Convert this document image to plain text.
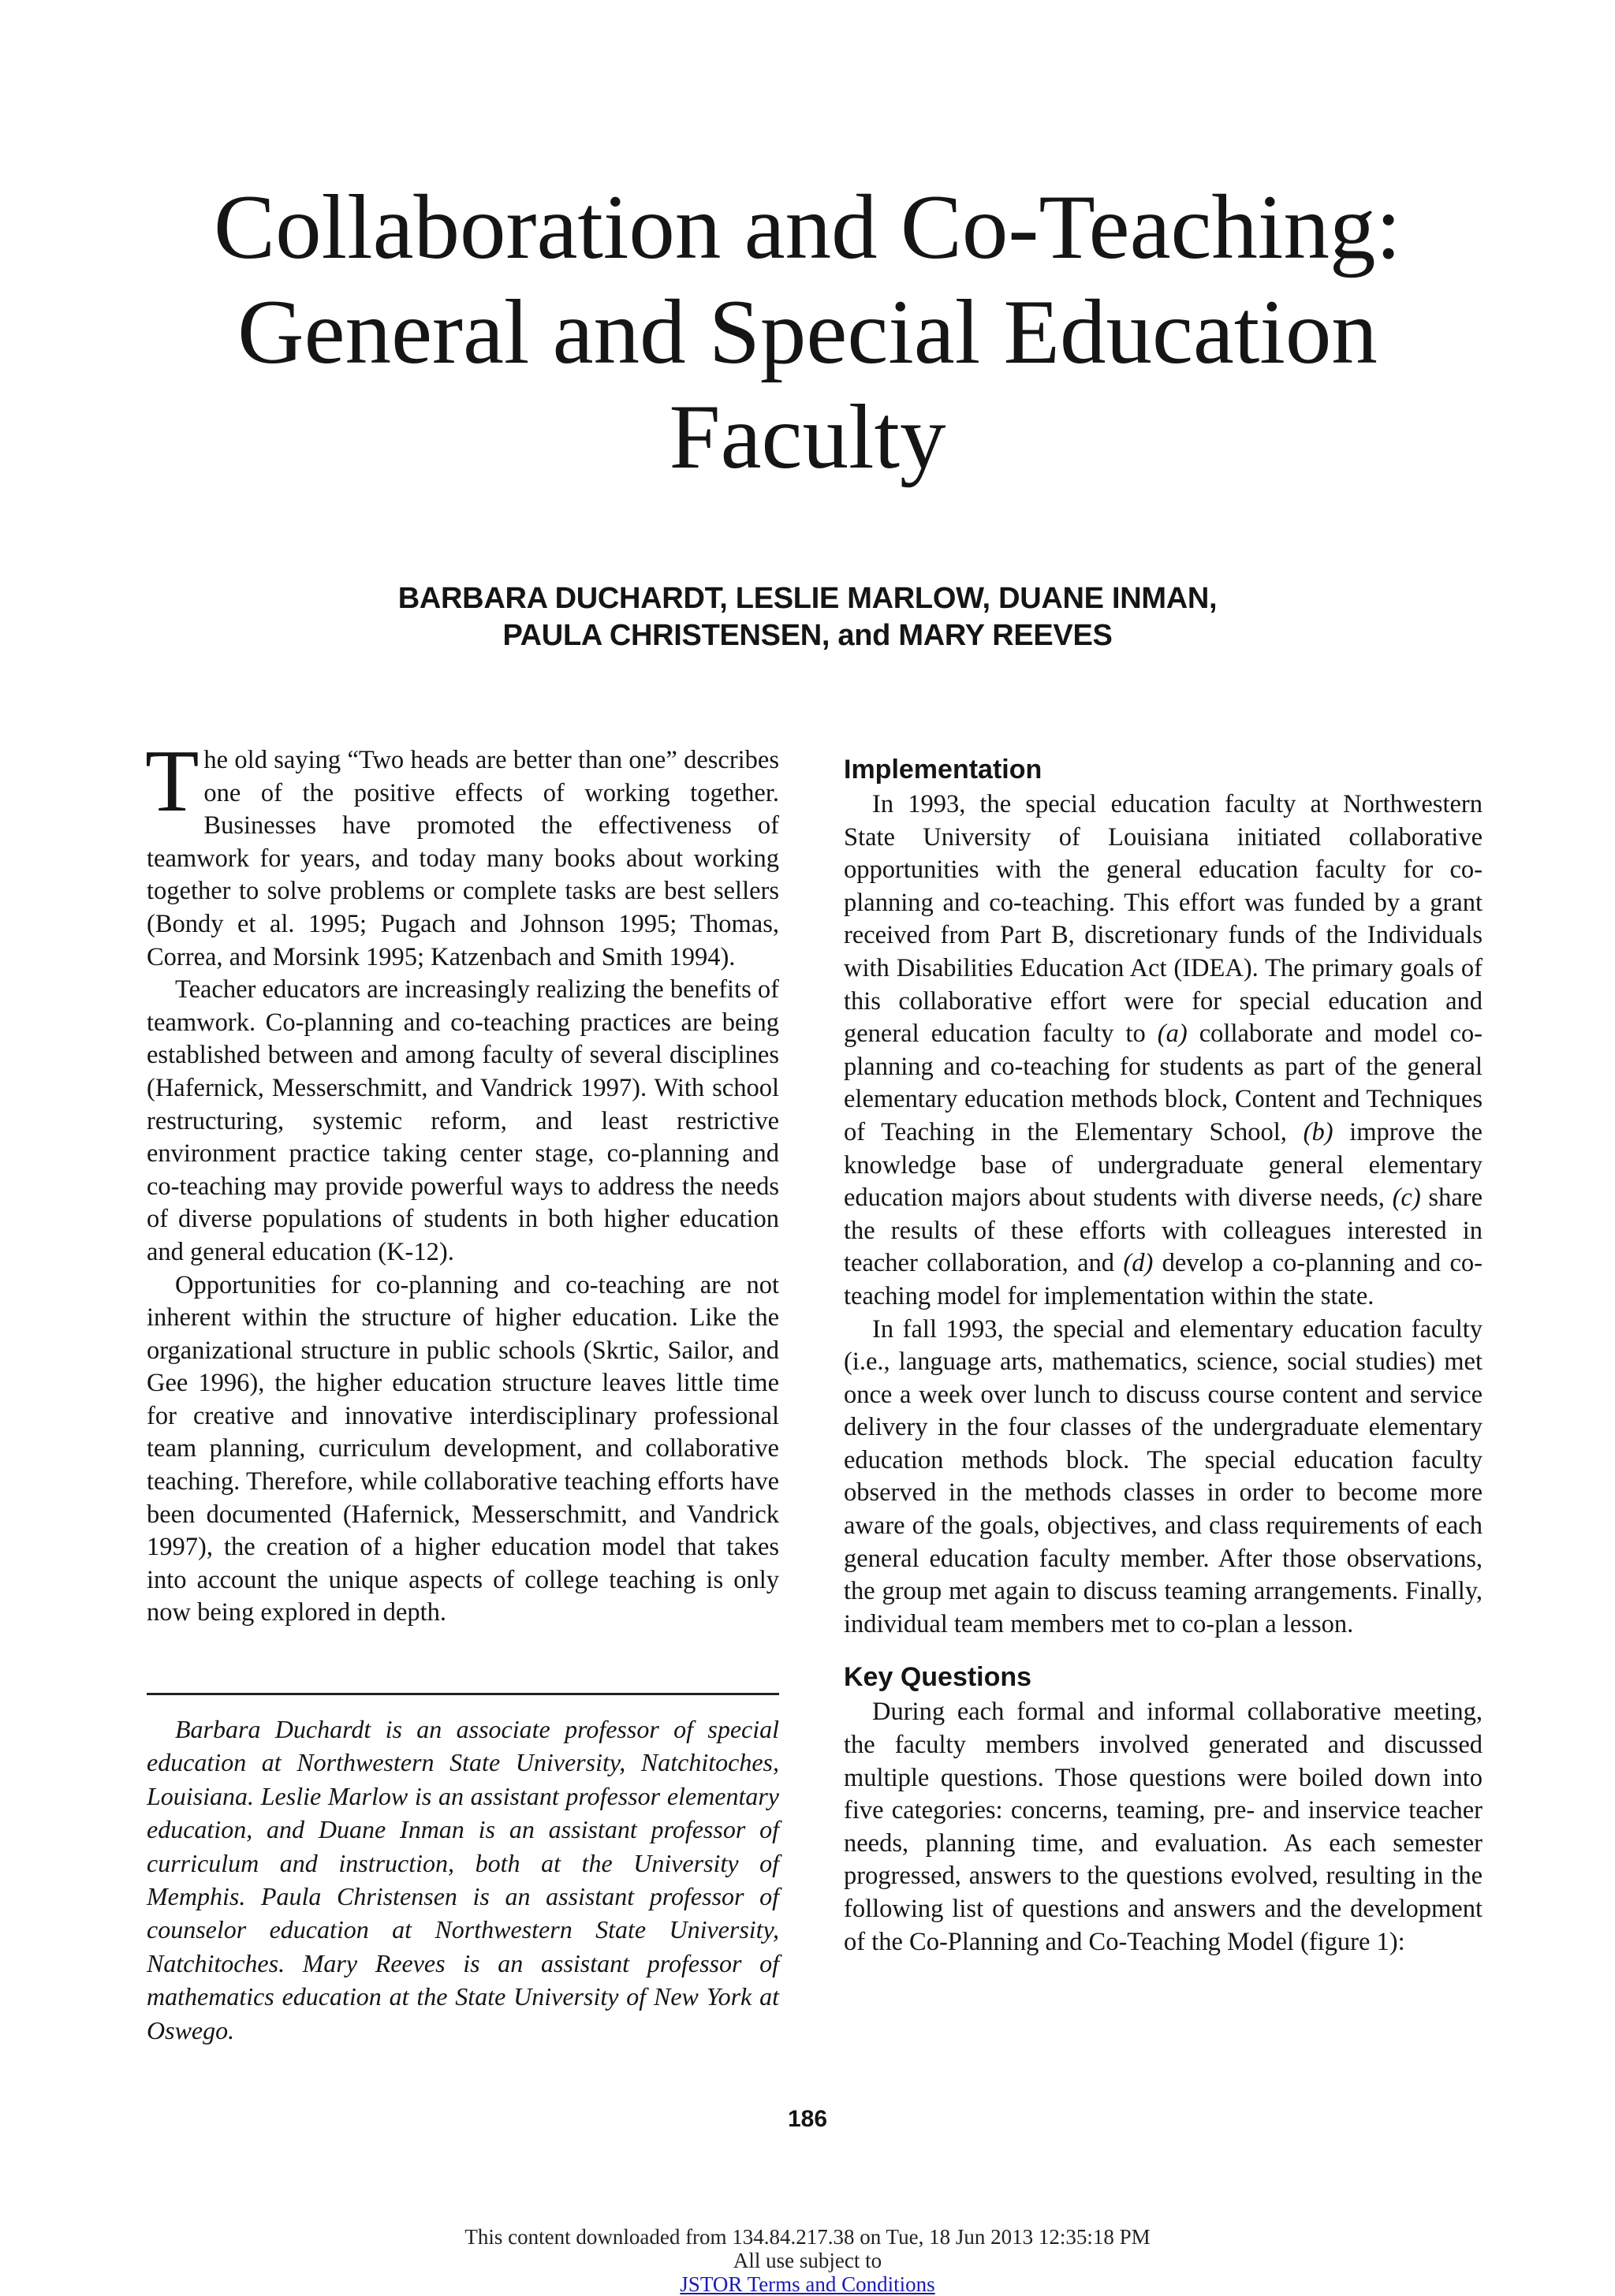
Collaboration and Co-Teaching:
General and Special Education
Faculty
BARBARA DUCHARDT, LESLIE MARLOW, DUANE INMAN,
PAULA CHRISTENSEN, and MARY REEVES

The old saying “Two heads are better than one” describes one of the positive effects of working together. Businesses have promoted the effectiveness of teamwork for years, and today many books about working together to solve problems or complete tasks are best sellers (Bondy et al. 1995; Pugach and Johnson 1995; Thomas, Correa, and Morsink 1995; Katzenbach and Smith 1994).

Teacher educators are increasingly realizing the benefits of teamwork. Co-planning and co-teaching practices are being established between and among faculty of several disciplines (Hafernick, Messerschmitt, and Vandrick 1997). With school restructuring, systemic reform, and least restrictive environment practice taking center stage, co-planning and co-teaching may provide powerful ways to address the needs of diverse populations of students in both higher education and general education (K-12).

Opportunities for co-planning and co-teaching are not inherent within the structure of higher education. Like the organizational structure in public schools (Skrtic, Sailor, and Gee 1996), the higher education structure leaves little time for creative and innovative interdisciplinary professional team planning, curriculum development, and collaborative teaching. Therefore, while collaborative teaching efforts have been documented (Hafernick, Messerschmitt, and Vandrick 1997), the creation of a higher education model that takes into account the unique aspects of college teaching is only now being explored in depth.

Barbara Duchardt is an associate professor of special education at Northwestern State University, Natchitoches, Louisiana. Leslie Marlow is an assistant professor elementary education, and Duane Inman is an assistant professor of curriculum and instruction, both at the University of Memphis. Paula Christensen is an assistant professor of counselor education at Northwestern State University, Natchitoches. Mary Reeves is an assistant professor of mathematics education at the State University of New York at Oswego.

Implementation

In 1993, the special education faculty at Northwestern State University of Louisiana initiated collaborative opportunities with the general education faculty for co-planning and co-teaching. This effort was funded by a grant received from Part B, discretionary funds of the Individuals with Disabilities Education Act (IDEA). The primary goals of this collaborative effort were for special education and general education faculty to (a) collaborate and model co-planning and co-teaching for students as part of the general elementary education methods block, Content and Techniques of Teaching in the Elementary School, (b) improve the knowledge base of undergraduate general elementary education majors about students with diverse needs, (c) share the results of these efforts with colleagues interested in teacher collaboration, and (d) develop a co-planning and co-teaching model for implementation within the state.

In fall 1993, the special and elementary education faculty (i.e., language arts, mathematics, science, social studies) met once a week over lunch to discuss course content and service delivery in the four classes of the undergraduate elementary education methods block. The special education faculty observed in the methods classes in order to become more aware of the goals, objectives, and class requirements of each general education faculty member. After those observations, the group met again to discuss teaming arrangements. Finally, individual team members met to co-plan a lesson.

Key Questions

During each formal and informal collaborative meeting, the faculty members involved generated and discussed multiple questions. Those questions were boiled down into five categories: concerns, teaming, pre- and inservice teacher needs, planning time, and evaluation. As each semester progressed, answers to the questions evolved, resulting in the following list of questions and answers and the development of the Co-Planning and Co-Teaching Model (figure 1):

186
This content downloaded from 134.84.217.38 on Tue, 18 Jun 2013 12:35:18 PM
All use subject to
JSTOR Terms and Conditions
